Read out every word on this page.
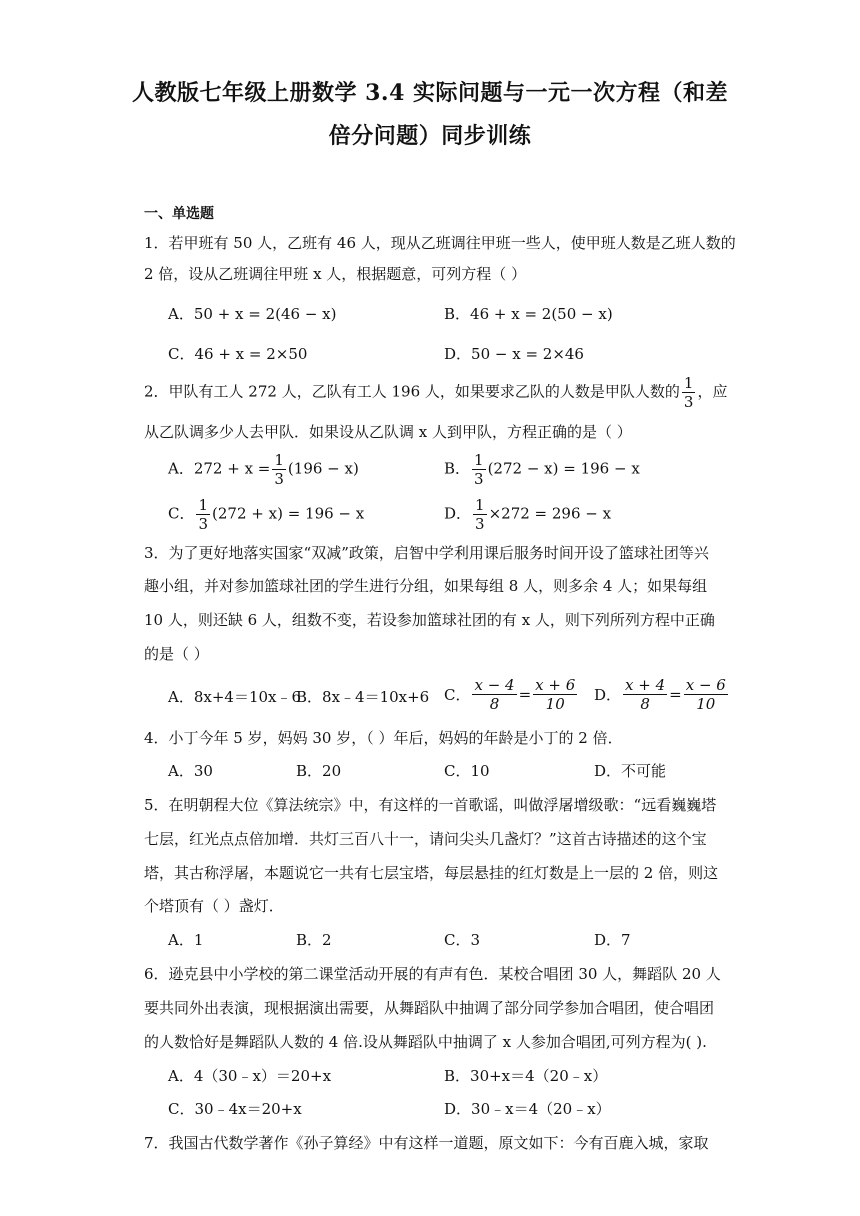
人教版七年级上册数学 3.4 实际问题与一元一次方程（和差
倍分问题）同步训练
一、单选题
1．若甲班有 50 人，乙班有 46 人，现从乙班调往甲班一些人，使甲班人数是乙班人数的
2 倍，设从乙班调往甲班 x 人，根据题意，可列方程（ ）
A．50 + x = 2(46 − x)	B．46 + x = 2(50 − x)
C．46 + x = 2×50	D．50 − x = 2×46
2．甲队有工人 272 人，乙队有工人 196 人，如果要求乙队的人数是甲队人数的 $\frac{1}{3}$ ，应
从乙队调多少人去甲队．如果设从乙队调 x 人到甲队，方程正确的是（ ）
A．$272 + x = \frac{1}{3} (196 - x)$	B． $\frac{1}{3} (272 - x) = 196 - x$
C． $\frac{1}{3} (272 + x) = 196 - x$	D． $\frac{1}{3} \times 272 = 296 - x$
3．为了更好地落实国家“双减”政策，启智中学利用课后服务时间开设了篮球社团等兴
趣小组，并对参加篮球社团的学生进行分组，如果每组 8 人，则多余 4 人；如果每组
10 人，则还缺 6 人，组数不变，若设参加篮球社团的有 x 人，则下列所列方程中正确
的是（ ）
A．8x+4＝10x﹣6
B．8x﹣4＝10x+6 C． $\frac{x - 4}{8} = \frac{x + 6}{10}$ D． $\frac{x + 4}{8} = \frac{x - 6}{10}$
4．小丁今年 5 岁，妈妈 30 岁，（ ）年后，妈妈的年龄是小丁的 2 倍．
A．30	B．20	C．10	D．不可能
5．在明朝程大位《算法统宗》中，有这样的一首歌谣，叫做浮屠增级歌：“远看巍巍塔
七层，红光点点倍加增．共灯三百八十一，请问尖头几盏灯？”这首古诗描述的这个宝
塔，其古称浮屠，本题说它一共有七层宝塔，每层悬挂的红灯数是上一层的 2 倍，则这
个塔顶有（ ）盏灯．
A．1	B．2	C．3	D．7
6．逊克县中小学校的第二课堂活动开展的有声有色．某校合唱团 30 人，舞蹈队 20 人
要共同外出表演，现根据演出需要，从舞蹈队中抽调了部分同学参加合唱团，使合唱团
的人数恰好是舞蹈队人数的 4 倍.设从舞蹈队中抽调了 x 人参加合唱团,可列方程为( ).
A．4（30﹣x）＝20+x	B．30+x＝4（20﹣x）
C．30﹣4x＝20+x	D．30﹣x＝4（20﹣x）
7．我国古代数学著作《孙子算经》中有这样一道题，原文如下：今有百鹿入城，家取
